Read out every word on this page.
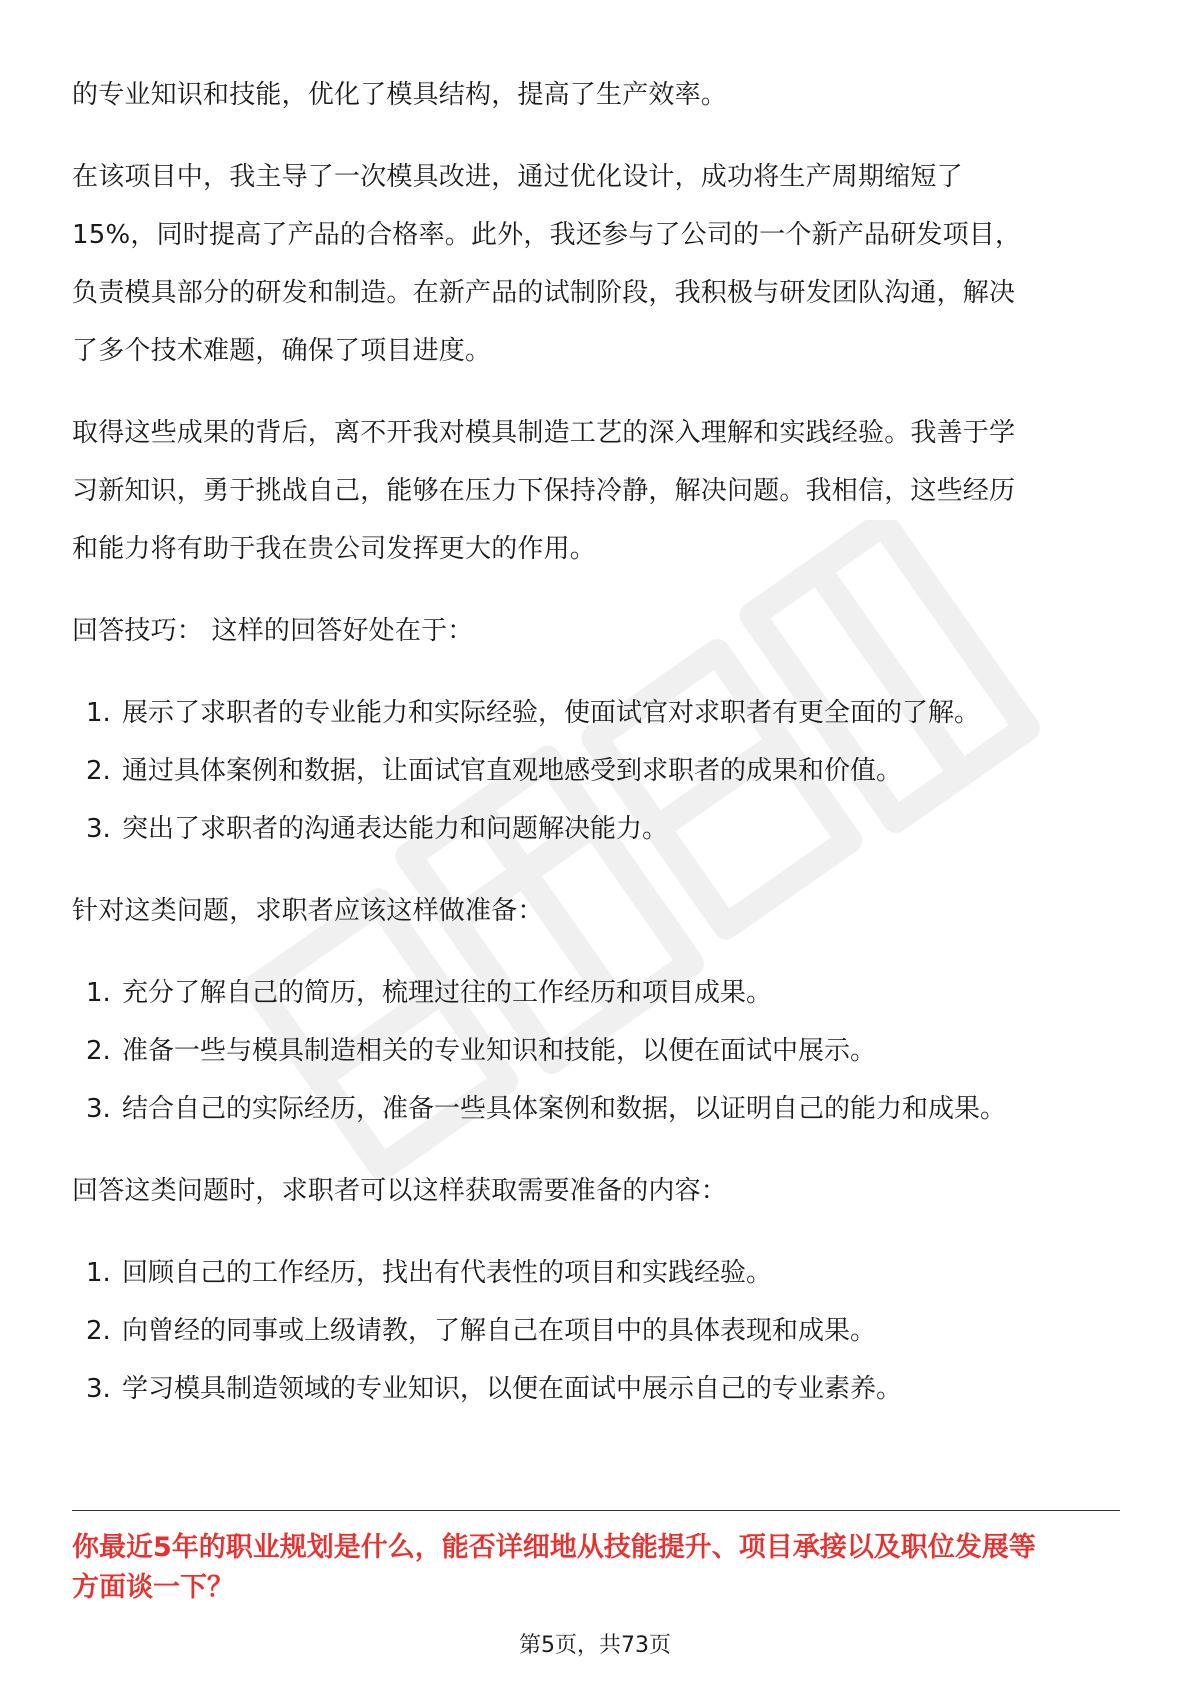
的专业知识和技能，优化了模具结构，提高了生产效率。

在该项目中，我主导了一次模具改进，通过优化设计，成功将生产周期缩短了

15%，同时提高了产品的合格率。此外，我还参与了公司的一个新产品研发项目，

负责模具部分的研发和制造。在新产品的试制阶段，我积极与研发团队沟通，解决

了多个技术难题，确保了项目进度。

取得这些成果的背后，离不开我对模具制造工艺的深入理解和实践经验。我善于学

习新知识，勇于挑战自己，能够在压力下保持冷静，解决问题。我相信，这些经历

和能力将有助于我在贵公司发挥更大的作用。

回答技巧： 这样的回答好处在于：

1. 展示了求职者的专业能力和实际经验，使面试官对求职者有更全面的了解。
2. 通过具体案例和数据，让面试官直观地感受到求职者的成果和价值。
3. 突出了求职者的沟通表达能力和问题解决能力。

针对这类问题，求职者应该这样做准备：

1. 充分了解自己的简历，梳理过往的工作经历和项目成果。
2. 准备一些与模具制造相关的专业知识和技能，以便在面试中展示。
3. 结合自己的实际经历，准备一些具体案例和数据，以证明自己的能力和成果。

回答这类问题时，求职者可以这样获取需要准备的内容：

1. 回顾自己的工作经历，找出有代表性的项目和实践经验。
2. 向曾经的同事或上级请教，了解自己在项目中的具体表现和成果。
3. 学习模具制造领域的专业知识，以便在面试中展示自己的专业素养。
你最近5年的职业规划是什么，能否详细地从技能提升、项目承接以及职位发展等
方面谈一下？
第5页，共73页
